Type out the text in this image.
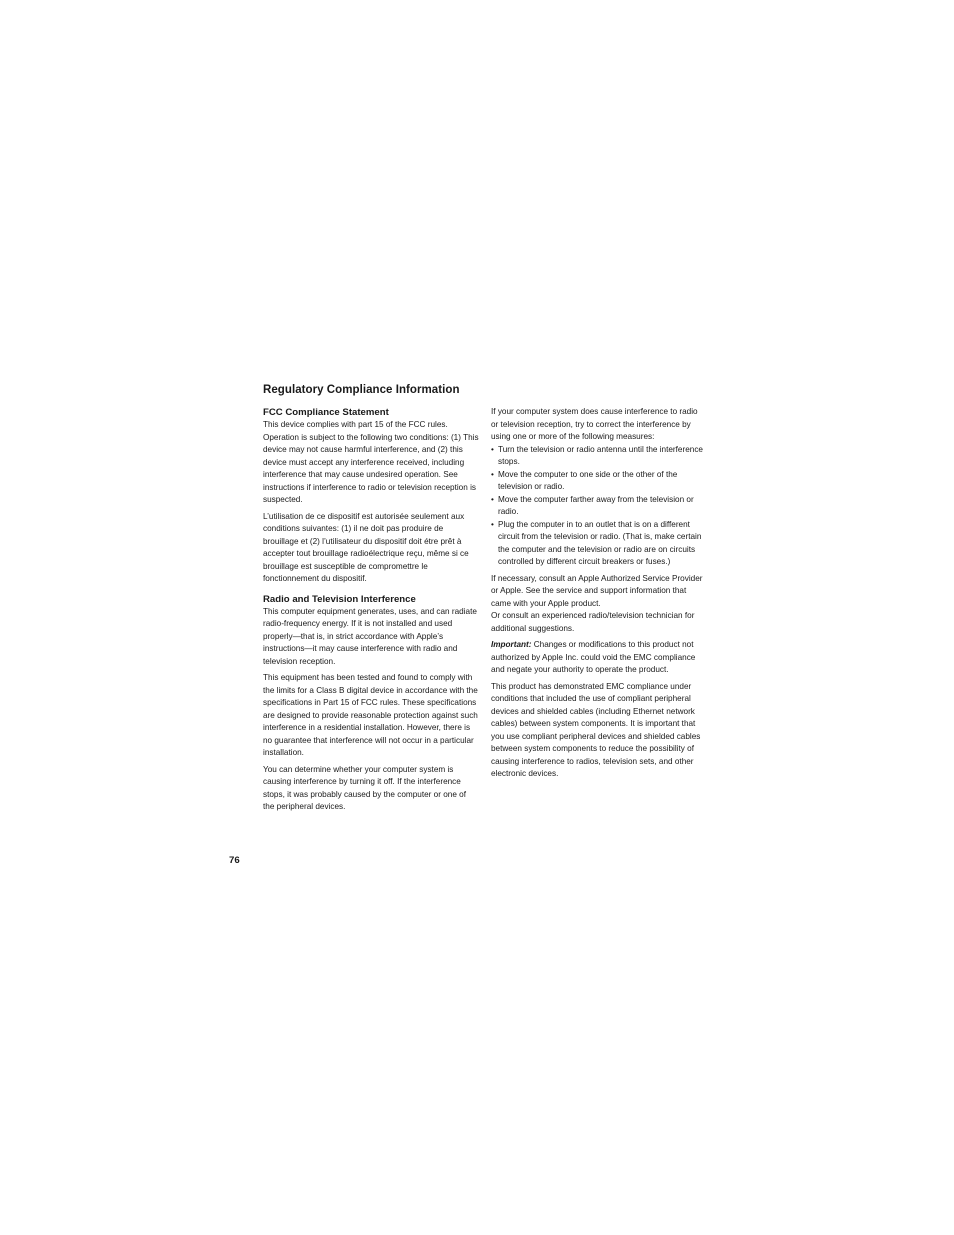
Regulatory Compliance Information
FCC Compliance Statement

This device complies with part 15 of the FCC rules. Operation is subject to the following two conditions: (1) This device may not cause harmful interference, and (2) this device must accept any interference received, including interference that may cause undesired operation. See instructions if interference to radio or television reception is suspected.

L’utilisation de ce dispositif est autorisée seulement aux conditions suivantes: (1) il ne doit pas produire de brouillage et (2) l’utilisateur du dispositif doit étre prêt à accepter tout brouillage radioélectrique reçu, même si ce brouillage est susceptible de compromettre le fonctionnement du dispositif.

Radio and Television Interference

This computer equipment generates, uses, and can radiate radio-frequency energy. If it is not installed and used properly—that is, in strict accordance with Apple’s instructions—it may cause interference with radio and television reception.

This equipment has been tested and found to comply with the limits for a Class B digital device in accordance with the specifications in Part 15 of FCC rules. These specifications are designed to provide reasonable protection against such interference in a residential installation. However, there is no guarantee that interference will not occur in a particular installation.

You can determine whether your computer system is causing interference by turning it off. If the interference stops, it was probably caused by the computer or one of the peripheral devices.

If your computer system does cause interference to radio or television reception, try to correct the interference by using one or more of the following measures:

• Turn the television or radio antenna until the interference stops.
• Move the computer to one side or the other of the television or radio.
• Move the computer farther away from the television or radio.
• Plug the computer in to an outlet that is on a different circuit from the television or radio. (That is, make certain the computer and the television or radio are on circuits controlled by different circuit breakers or fuses.)

If necessary, consult an Apple Authorized Service Provider or Apple. See the service and support information that came with your Apple product.

Or consult an experienced radio/television technician for additional suggestions.

Important: Changes or modifications to this product not authorized by Apple Inc. could void the EMC compliance and negate your authority to operate the product.

This product has demonstrated EMC compliance under conditions that included the use of compliant peripheral devices and shielded cables (including Ethernet network cables) between system components. It is important that you use compliant peripheral devices and shielded cables between system components to reduce the possibility of causing interference to radios, television sets, and other electronic devices.

76
